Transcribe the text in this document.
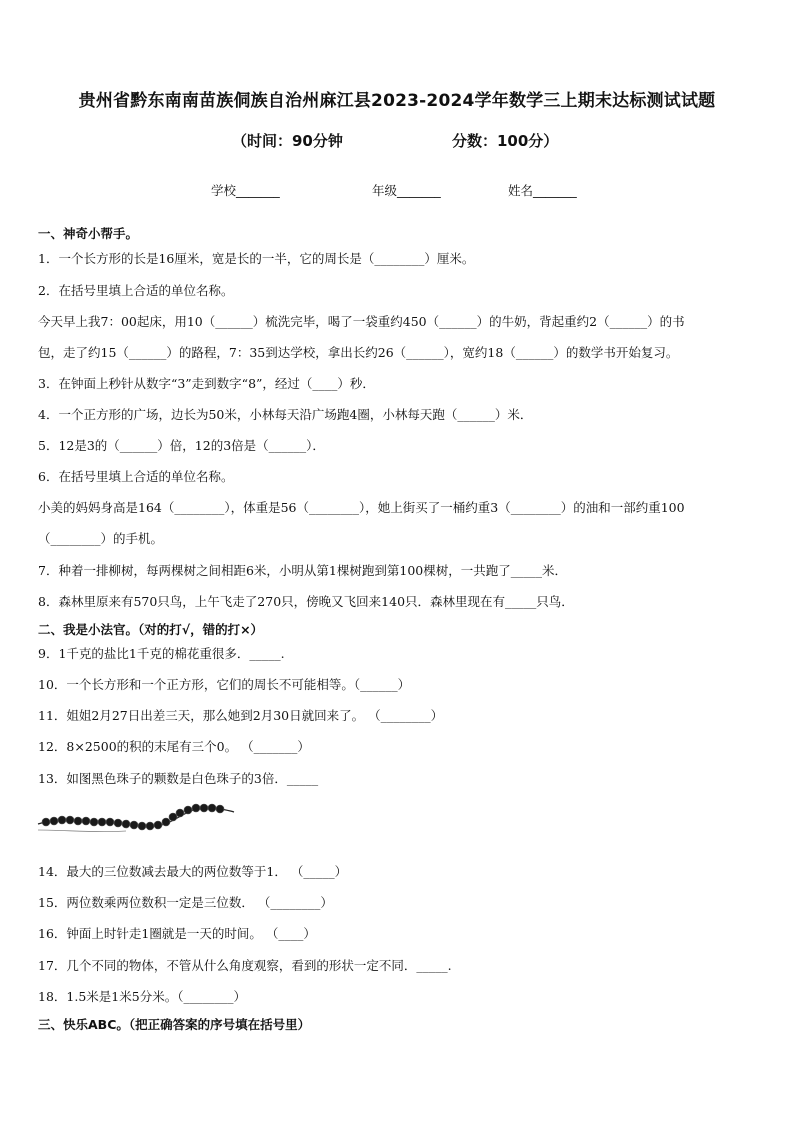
贵州省黔东南南苗族侗族自治州麻江县2023-2024学年数学三上期末达标测试试题
（时间：90分钟	分数：100分）
学校_______	年级_______	姓名_______
一、神奇小帮手。
1．一个长方形的长是16厘米，宽是长的一半，它的周长是（________）厘米。
2．在括号里填上合适的单位名称。
今天早上我7：00起床，用10（______）梳洗完毕，喝了一袋重约450（______）的牛奶，背起重约2（______）的书
包，走了约15（______）的路程，7：35到达学校，拿出长约26（______），宽约18（______）的数学书开始复习。
3．在钟面上秒针从数字“3”走到数字“8”，经过（____）秒．
4．一个正方形的广场，边长为50米，小林每天沿广场跑4圈，小林每天跑（______）米．
5．12是3的（______）倍，12的3倍是（______）．
6．在括号里填上合适的单位名称。
小美的妈妈身高是164（________），体重是56（________），她上街买了一桶约重3（________）的油和一部约重100
（________）的手机。
7．种着一排柳树，每两棵树之间相距6米，小明从第1棵树跑到第100棵树，一共跑了_____米．
8．森林里原来有570只鸟，上午飞走了270只，傍晚又飞回来140只．森林里现在有_____只鸟．
二、我是小法官。（对的打√，错的打×）
9．1千克的盐比1千克的棉花重很多．_____.
10．一个长方形和一个正方形，它们的周长不可能相等。（______）
11．姐姐2月27日出差三天，那么她到2月30日就回来了。 （________）
12．8×2500的积的末尾有三个0。 （_______）
13．如图黑色珠子的颗数是白色珠子的3倍．_____
14．最大的三位数减去最大的两位数等于1． （_____）
15．两位数乘两位数积一定是三位数． （________）
16．钟面上时针走1圈就是一天的时间。 （____）
17．几个不同的物体，不管从什么角度观察，看到的形状一定不同．_____.
18．1.5米是1米5分米。（________）
三、快乐ABC。（把正确答案的序号填在括号里）
